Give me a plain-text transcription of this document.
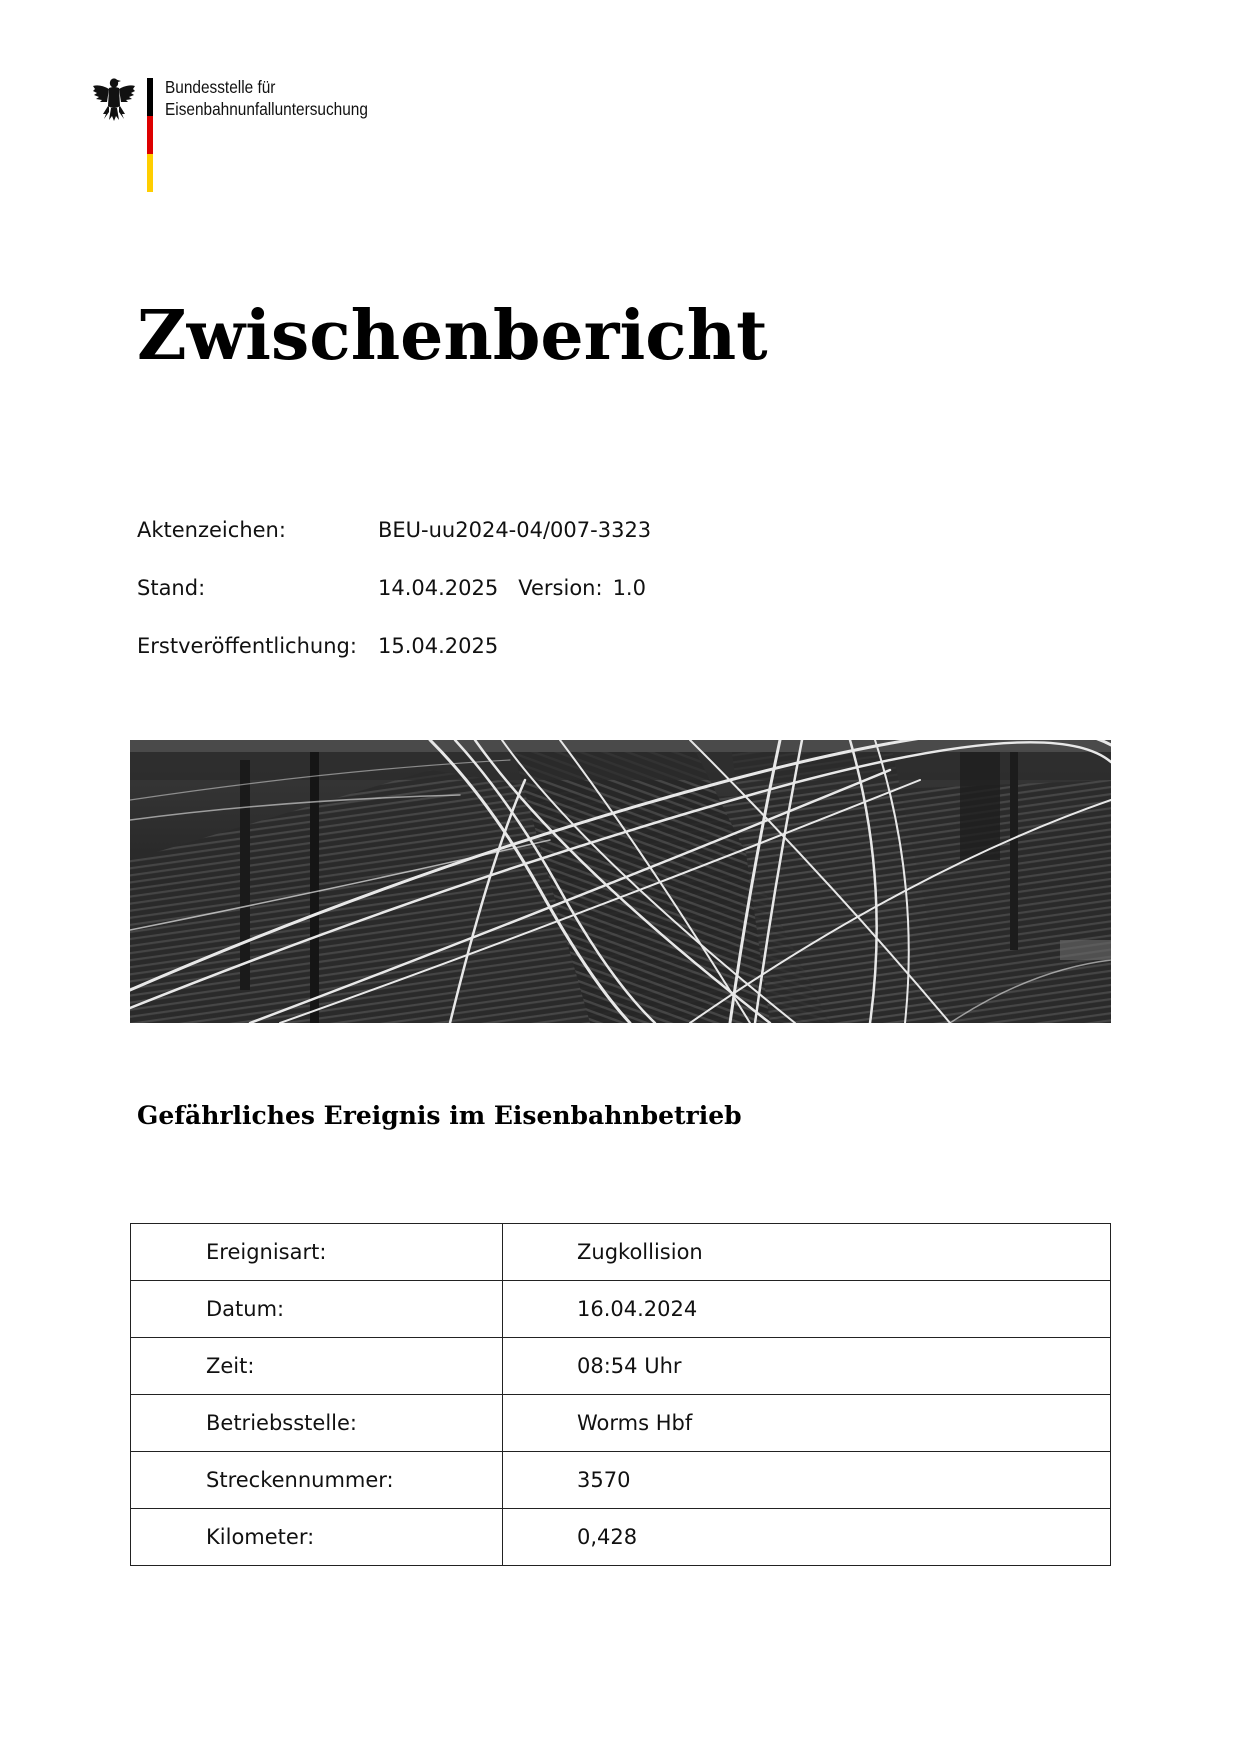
Bundesstelle für
Eisenbahnunfalluntersuchung
Zwischenbericht
Aktenzeichen:	BEU-uu2024-04/007-3323
Stand:	14.04.2025 Version: 1.0
Erstveröffentlichung: 15.04.2025
Gefährliches Ereignis im Eisenbahnbetrieb
Ereignisart:	Zugkollision
Datum:	16.04.2024
Zeit:	08:54 Uhr
Betriebsstelle:	Worms Hbf
Streckennummer:	3570
Kilometer:	0,428
